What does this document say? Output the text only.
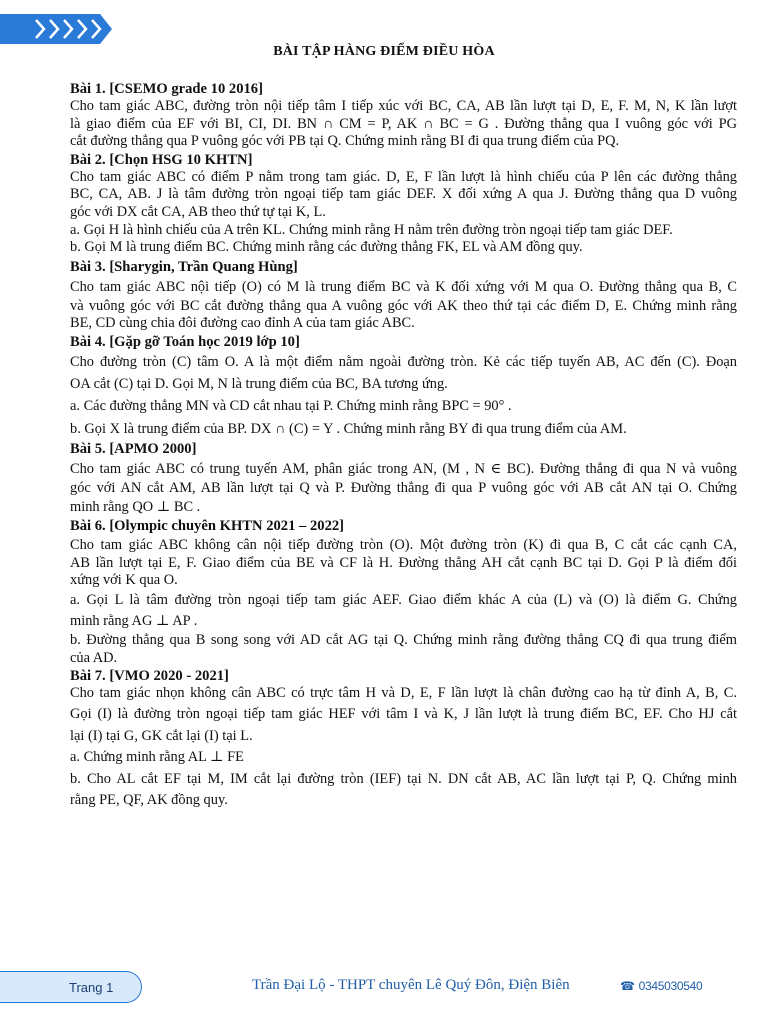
BÀI TẬP HÀNG ĐIỂM ĐIỀU HÒA
Bài 1. [CSEMO grade 10 2016]
Cho tam giác ABC, đường tròn nội tiếp tâm I tiếp xúc với BC, CA, AB lần lượt tại D, E, F. M, N, K lần lượt
là giao điểm của EF với BI, CI, DI. BN ∩ CM = P, AK ∩ BC = G . Đường thẳng qua I vuông góc với PG
cắt đường thẳng qua P vuông góc với PB tại Q. Chứng minh rằng BI đi qua trung điểm của PQ.
Bài 2. [Chọn HSG 10 KHTN]
Cho tam giác ABC có điểm P nằm trong tam giác. D, E, F lần lượt là hình chiếu của P lên các đường thẳng
BC, CA, AB. J là tâm đường tròn ngoại tiếp tam giác DEF. X đối xứng A qua J. Đường thẳng qua D vuông
góc với DX cắt CA, AB theo thứ tự tại K, L.
a. Gọi H là hình chiếu của A trên KL. Chứng minh rằng H nằm trên đường tròn ngoại tiếp tam giác DEF.
b. Gọi M là trung điểm BC. Chứng minh rằng các đường thẳng FK, EL và AM đồng quy.
Bài 3. [Sharygin, Trần Quang Hùng]
Cho tam giác ABC nội tiếp (O) có M là trung điểm BC và K đối xứng với M qua O. Đường thẳng qua B, C
và vuông góc với BC cắt đường thẳng qua A vuông góc với AK theo thứ tại các điểm D, E. Chứng minh rằng
BE, CD cùng chia đôi đường cao đỉnh A của tam giác ABC.
Bài 4. [Gặp gỡ Toán học 2019 lớp 10]
Cho đường tròn (C) tâm O. A là một điểm nằm ngoài đường tròn. Kẻ các tiếp tuyến AB, AC đến (C). Đoạn
OA cắt (C) tại D. Gọi M, N là trung điểm của BC, BA tương ứng.
a. Các đường thẳng MN và CD cắt nhau tại P. Chứng minh rằng BPC = 90° .
b. Gọi X là trung điểm của BP. DX ∩ (C) = Y . Chứng minh rằng BY đi qua trung điểm của AM.
Bài 5. [APMO 2000]
Cho tam giác ABC có trung tuyến AM, phân giác trong AN, (M , N ∈ BC). Đường thẳng đi qua N và vuông
góc với AN cắt AM, AB lần lượt tại Q và P. Đường thẳng đi qua P vuông góc với AB cắt AN tại O. Chứng
minh rằng QO ⊥ BC .
Bài 6. [Olympic chuyên KHTN 2021 – 2022]
Cho tam giác ABC không cân nội tiếp đường tròn (O). Một đường tròn (K) đi qua B, C cắt các cạnh CA,
AB lần lượt tại E, F. Giao điểm của BE và CF là H. Đường thẳng AH cắt cạnh BC tại D. Gọi P là điểm đối
xứng với K qua O.
a. Gọi L là tâm đường tròn ngoại tiếp tam giác AEF. Giao điểm khác A của (L) và (O) là điểm G. Chứng
minh rằng AG ⊥ AP .
b. Đường thẳng qua B song song với AD cắt AG tại Q. Chứng minh rằng đường thẳng CQ đi qua trung điểm
của AD.
Bài 7. [VMO 2020 - 2021]
Cho tam giác nhọn không cân ABC có trực tâm H và D, E, F lần lượt là chân đường cao hạ từ đỉnh A, B, C.
Gọi (I) là đường tròn ngoại tiếp tam giác HEF với tâm I và K, J lần lượt là trung điểm BC, EF. Cho HJ cắt
lại (I) tại G, GK cắt lại (I) tại L.
a. Chứng minh rằng AL ⊥ FE
b. Cho AL cắt EF tại M, IM cắt lại đường tròn (IEF) tại N. DN cắt AB, AC lần lượt tại P, Q. Chứng minh
rằng PE, QF, AK đồng quy.
Trang 1	Trần Đại Lộ - THPT chuyên Lê Quý Đôn, Điện Biên	☎ 0345030540
